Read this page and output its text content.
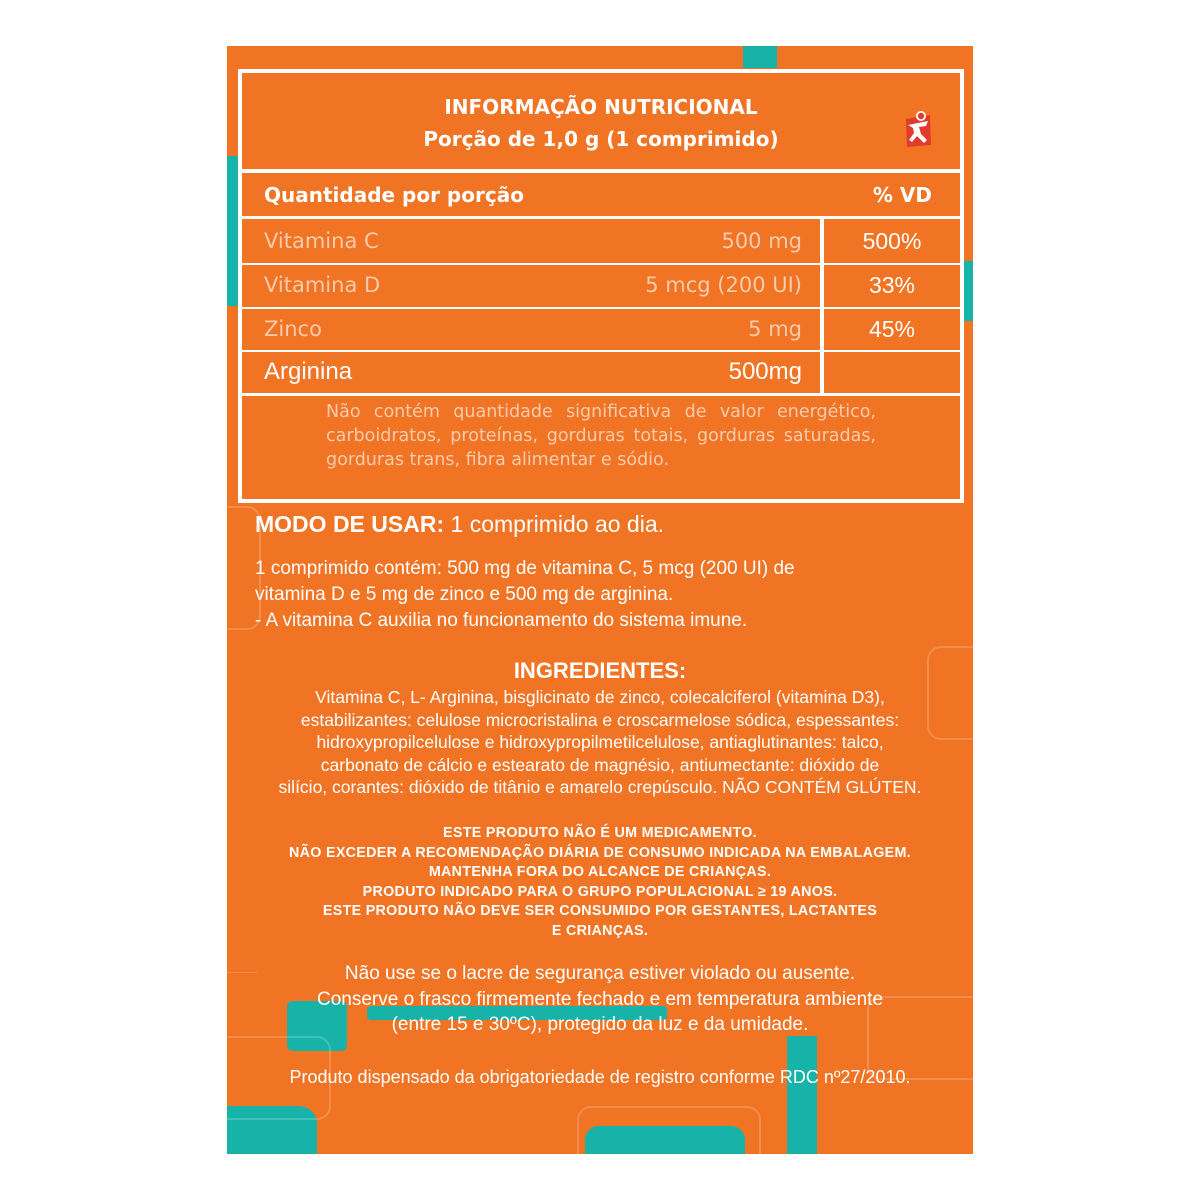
INFORMAÇÃO NUTRICIONAL
Porção de 1,0 g (1 comprimido)
Quantidade por porção	% VD
Vitamina C	500 mg	500%
Vitamina D	5 mcg (200 UI)	33%
Zinco	5 mg	45%
Arginina	500mg
Não contém quantidade significativa de valor energético, carboidratos, proteínas, gorduras totais, gorduras saturadas, gorduras trans, fibra alimentar e sódio.
MODO DE USAR: 1 comprimido ao dia.
1 comprimido contém: 500 mg de vitamina C, 5 mcg (200 UI) de
vitamina D e 5 mg de zinco e 500 mg de arginina.
- A vitamina C auxilia no funcionamento do sistema imune.
INGREDIENTES:
Vitamina C, L- Arginina, bisglicinato de zinco, colecalciferol (vitamina D3),
estabilizantes: celulose microcristalina e croscarmelose sódica, espessantes:
hidroxypropilcelulose e hidroxypropilmetilcelulose, antiaglutinantes: talco,
carbonato de cálcio e estearato de magnésio, antiumectante: dióxido de
silício, corantes: dióxido de titânio e amarelo crepúsculo. NÃO CONTÉM GLÚTEN.
ESTE PRODUTO NÃO É UM MEDICAMENTO.
NÃO EXCEDER A RECOMENDAÇÃO DIÁRIA DE CONSUMO INDICADA NA EMBALAGEM.
MANTENHA FORA DO ALCANCE DE CRIANÇAS.
PRODUTO INDICADO PARA O GRUPO POPULACIONAL ≥ 19 ANOS.
ESTE PRODUTO NÃO DEVE SER CONSUMIDO POR GESTANTES, LACTANTES
E CRIANÇAS.
Não use se o lacre de segurança estiver violado ou ausente.
Conserve o frasco firmemente fechado e em temperatura ambiente
(entre 15 e 30ºC), protegido da luz e da umidade.
Produto dispensado da obrigatoriedade de registro conforme RDC nº27/2010.
